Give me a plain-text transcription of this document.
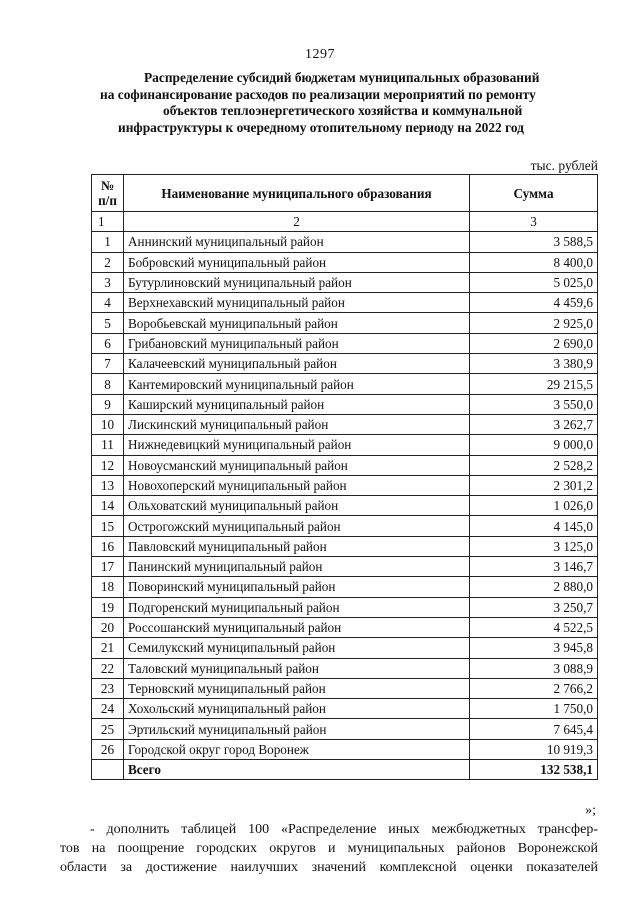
1297
Распределение субсидий бюджетам муниципальных образований
на софинансирование расходов по реализации мероприятий по ремонту
объектов теплоэнергетического хозяйства и коммунальной
инфраструктуры к очередному отопительному периоду на 2022 год
тыс. рублей
№ п/п	Наименование муниципального образования	Сумма
1	2	3
1	Аннинский муниципальный район	3 588,5
2	Бобровский муниципальный район	8 400,0
3	Бутурлиновский муниципальный район	5 025,0
4	Верхнехавский муниципальный район	4 459,6
5	Воробьевскай муниципальный район	2 925,0
6	Грибановский муниципальный район	2 690,0
7	Калачеевский муниципальный район	3 380,9
8	Кантемировский муниципальный район	29 215,5
9	Каширский муниципальный район	3 550,0
10	Лискинский муниципальный район	3 262,7
11	Нижнедевицкий муниципальный район	9 000,0
12	Новоусманский муниципальный район	2 528,2
13	Новохоперский муниципальный район	2 301,2
14	Ольховатский муниципальный район	1 026,0
15	Острогожский муниципальный район	4 145,0
16	Павловский муниципальный район	3 125,0
17	Панинский муниципальный район	3 146,7
18	Поворинский муниципальный район	2 880,0
19	Подгоренский муниципальный район	3 250,7
20	Россошанский муниципальный район	4 522,5
21	Семилукский муниципальный район	3 945,8
22	Таловский муниципальный район	3 088,9
23	Терновский муниципальный район	2 766,2
24	Хохольский муниципальный район	1 750,0
25	Эртильский муниципальный район	7 645,4
26	Городской округ город Воронеж	10 919,3
	Всего	132 538,1
»;
- дополнить таблицей 100 «Распределение иных межбюджетных трансфер-
тов на поощрение городских округов и муниципальных районов Воронежской
области за достижение наилучших значений комплексной оценки показателей
